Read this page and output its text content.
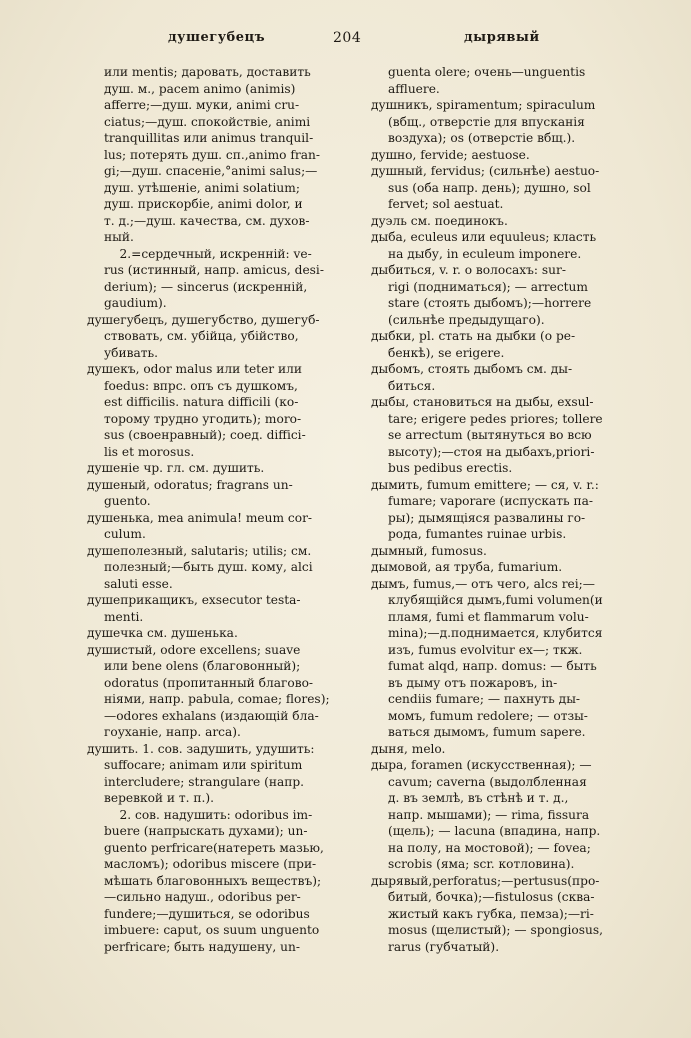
душегубецъ	204	дырявый
или mentis; даровать, доставить
душ. м., pacem animo (animis)
afferre;—душ. муки, animi cru-
ciatus;—душ. спокойствіе, animi
tranquillitas или animus tranquil-
lus; потерять душ. сп.,animo fran-
gi;—душ. спасеніе,°animi salus;—
душ. утѣшеніе, animi solatium;
душ. прискорбіе, animi dolor, и
т. д.;—душ. качества, см. духов-
ный.
2.=сердечный, искренній: ve-
rus (истинный, напр. amicus, desi-
derium); — sincerus (искренній,
gaudium).
душегубецъ, душегубство, душегуб-
ствовать, см. убійца, убійство,
убивать.
душекъ, odor malus или teter или
foedus: впрс. опъ съ душкомъ,
est difficilis. natura difficili (ко-
торому трудно угодить); moro-
sus (своенравный); соед. diffici-
lis et morosus.
душеніе чр. гл. см. душить.
душеный, odoratus; fragrans un-
guento.
душенька, mea animula! meum cor-
culum.
душеполезный, salutaris; utilis; см.
полезный;—быть душ. кому, alci
saluti esse.
душеприкащикъ, exsecutor testa-
menti.
душечка см. душенька.
душистый, odore excellens; suave
или bene olens (благовонный);
odoratus (пропитанный благово-
ніями, напр. pabula, comae; flores);
—odores exhalans (издающій бла-
гоуханіе, напр. arca).
душить. 1. сов. задушить, удушить:
suffocare; animam или spiritum
intercludere; strangulare (напр.
веревкой и т. п.).
2. сов. надушить: odoribus im-
buere (напрыскать духами); un-
guento perfricare(натереть мазью,
масломъ); odoribus miscere (при-
мѣшать благовонныхъ веществъ);
—сильно надуш., odoribus per-
fundere;—душиться, se odoribus
imbuere: caput, os suum unguento
perfricare; быть надушену, un-
guenta olere; очень—unguentis
affluere.
душникъ, spiramentum; spiraculum
(вбщ., отверстіе для впусканія
воздуха); os (отверстіе вбщ.).
душно, fervide; aestuose.
душный, fervidus; (сильнѣе) aestuo-
sus (оба напр. день); душно, sol
fervet; sol aestuat.
дуэль см. поединокъ.
дыба, eculeus или equuleus; класть
на дыбу, in eculeum imponere.
дыбиться, v. r. о волосахъ: sur-
rigi (подниматься); — arrectum
stare (стоять дыбомъ);—horrere
(сильнѣе предыдущаго).
дыбки, pl. стать на дыбки (о ре-
бенкѣ), se erigere.
дыбомъ, стоять дыбомъ см. ды-
биться.
дыбы, становиться на дыбы, exsul-
tare; erigere pedes priores; tollere
se arrectum (вытянуться во всю
высоту);—стоя на дыбахъ,priori-
bus pedibus erectis.
дымить, fumum emittere; — ся, v. r.:
fumare; vaporare (испускать па-
ры); дымящіяся развалины го-
рода, fumantes ruinae urbis.
дымный, fumosus.
дымовой, ая труба, fumarium.
дымъ, fumus,— отъ чего, alcs rei;—
клубящійся дымъ,fumi volumen(и
пламя, fumi et flammarum volu-
mina);—д.поднимается, клубится
изъ, fumus evolvitur ex—; ткж.
fumat alqd, напр. domus: — быть
въ дыму отъ пожаровъ, in-
cendiis fumare; — пахнуть ды-
момъ, fumum redolere; — отзы-
ваться дымомъ, fumum sapere.
дыня, melo.
дыра, foramen (искусственная); —
cavum; caverna (выдолбленная
д. въ землѣ, въ стѣнѣ и т. д.,
напр. мышами); — rima, fissura
(щель); — lacuna (впадина, напр.
на полу, на мостовой); — fovea;
scrobis (яма; scr. котловина).
дырявый,perforatus;—pertusus(про-
битый, бочка);—fistulosus (сква-
жистый какъ губка, пемза);—ri-
mosus (щелистый); — spongiosus,
rarus (губчатый).
